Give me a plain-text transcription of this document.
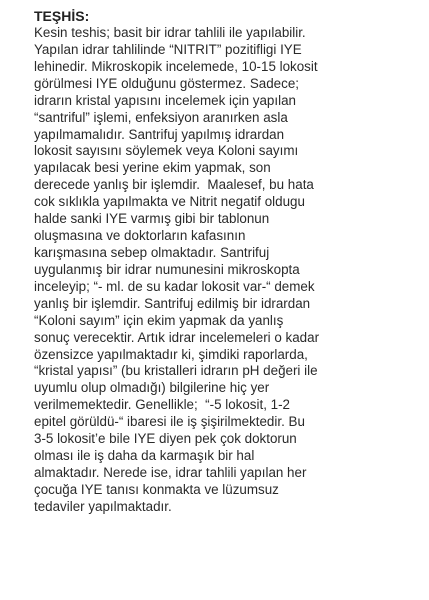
TEŞHİS:
Kesin teshis; basit bir idrar tahlili ile yapılabilir.
Yapılan idrar tahlilinde “NITRIT” pozitifligi IYE
lehinedir. Mikroskopik incelemede, 10-15 lokosit
görülmesi IYE olduğunu göstermez. Sadece;
idrarın kristal yapısını incelemek için yapılan
“santriful” işlemi, enfeksiyon aranırken asla
yapılmamalıdır. Santrifuj yapılmış idrardan
lokosit sayısını söylemek veya Koloni sayımı
yapılacak besi yerine ekim yapmak, son
derecede yanlış bir işlemdir.  Maalesef, bu hata
cok sıklıkla yapılmakta ve Nitrit negatif oldugu
halde sanki IYE varmış gibi bir tablonun
oluşmasına ve doktorların kafasının
karışmasına sebep olmaktadır. Santrifuj
uygulanmış bir idrar numunesini mikroskopta
inceleyip; “- ml. de su kadar lokosit var-“ demek
yanlış bir işlemdir. Santrifuj edilmiş bir idrardan
“Koloni sayım” için ekim yapmak da yanlış
sonuç verecektir. Artık idrar incelemeleri o kadar
özensizce yapılmaktadır ki, şimdiki raporlarda,
“kristal yapısı” (bu kristalleri idrarın pH değeri ile
uyumlu olup olmadığı) bilgilerine hiç yer
verilmemektedir. Genellikle;  “-5 lokosit, 1-2
epitel görüldü-“ ibaresi ile iş şişirilmektedir. Bu
3-5 lokosit’e bile IYE diyen pek çok doktorun
olması ile iş daha da karmaşık bir hal
almaktadır. Nerede ise, idrar tahlili yapılan her
çocuğa IYE tanısı konmakta ve lüzumsuz
tedaviler yapılmaktadır.
